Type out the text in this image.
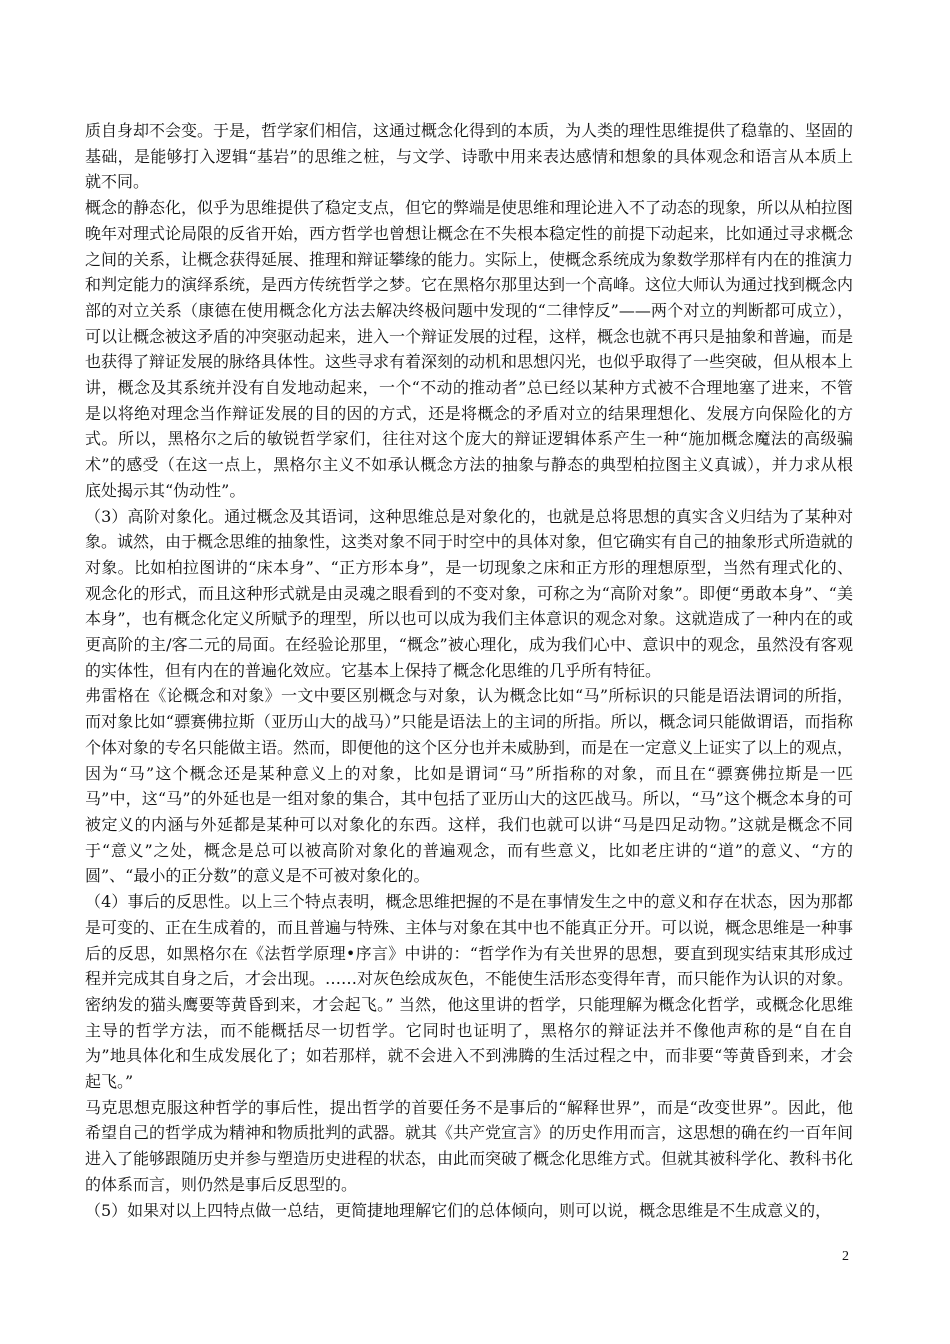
质自身却不会变。于是，哲学家们相信，这通过概念化得到的本质，为人类的理性思维提供了稳靠的、坚固的基础，是能够打入逻辑“基岩”的思维之桩，与文学、诗歌中用来表达感情和想象的具体观念和语言从本质上就不同。

概念的静态化，似乎为思维提供了稳定支点，但它的弊端是使思维和理论进入不了动态的现象，所以从柏拉图晚年对理式论局限的反省开始，西方哲学也曾想让概念在不失根本稳定性的前提下动起来，比如通过寻求概念之间的关系，让概念获得延展、推理和辩证攀缘的能力。实际上，使概念系统成为象数学那样有内在的推演力和判定能力的演绎系统，是西方传统哲学之梦。它在黑格尔那里达到一个高峰。这位大师认为通过找到概念内部的对立关系（康德在使用概念化方法去解决终极问题中发现的“二律悖反”——两个对立的判断都可成立），可以让概念被这矛盾的冲突驱动起来，进入一个辩证发展的过程，这样，概念也就不再只是抽象和普遍，而是也获得了辩证发展的脉络具体性。这些寻求有着深刻的动机和思想闪光，也似乎取得了一些突破，但从根本上讲，概念及其系统并没有自发地动起来，一个“不动的推动者”总已经以某种方式被不合理地塞了进来，不管是以将绝对理念当作辩证发展的目的因的方式，还是将概念的矛盾对立的结果理想化、发展方向保险化的方式。所以，黑格尔之后的敏锐哲学家们，往往对这个庞大的辩证逻辑体系产生一种“施加概念魔法的高级骗术”的感受（在这一点上，黑格尔主义不如承认概念方法的抽象与静态的典型柏拉图主义真诚），并力求从根底处揭示其“伪动性”。

（3）高阶对象化。通过概念及其语词，这种思维总是对象化的，也就是总将思想的真实含义归结为了某种对象。诚然，由于概念思维的抽象性，这类对象不同于时空中的具体对象，但它确实有自己的抽象形式所造就的对象。比如柏拉图讲的“床本身”、“正方形本身”，是一切现象之床和正方形的理想原型，当然有理式化的、观念化的形式，而且这种形式就是由灵魂之眼看到的不变对象，可称之为“高阶对象”。即便“勇敢本身”、“美本身”，也有概念化定义所赋予的理型，所以也可以成为我们主体意识的观念对象。这就造成了一种内在的或更高阶的主/客二元的局面。在经验论那里，“概念”被心理化，成为我们心中、意识中的观念，虽然没有客观的实体性，但有内在的普遍化效应。它基本上保持了概念化思维的几乎所有特征。

弗雷格在《论概念和对象》一文中要区别概念与对象，认为概念比如“马”所标识的只能是语法谓词的所指，而对象比如“骠赛佛拉斯（亚历山大的战马）”只能是语法上的主词的所指。所以，概念词只能做谓语，而指称个体对象的专名只能做主语。然而，即便他的这个区分也并未威胁到，而是在一定意义上证实了以上的观点，因为“马”这个概念还是某种意义上的对象，比如是谓词“马”所指称的对象，而且在“骠赛佛拉斯是一匹马”中，这“马”的外延也是一组对象的集合，其中包括了亚历山大的这匹战马。所以，“马”这个概念本身的可被定义的内涵与外延都是某种可以对象化的东西。这样，我们也就可以讲“马是四足动物。”这就是概念不同于“意义”之处，概念是总可以被高阶对象化的普遍观念，而有些意义，比如老庄讲的“道”的意义、“方的圆”、“最小的正分数”的意义是不可被对象化的。

（4）事后的反思性。以上三个特点表明，概念思维把握的不是在事情发生之中的意义和存在状态，因为那都是可变的、正在生成着的，而且普遍与特殊、主体与对象在其中也不能真正分开。可以说，概念思维是一种事后的反思，如黑格尔在《法哲学原理•序言》中讲的：“哲学作为有关世界的思想，要直到现实结束其形成过程并完成其自身之后，才会出现。……对灰色绘成灰色，不能使生活形态变得年青，而只能作为认识的对象。密纳发的猫头鹰要等黄昏到来，才会起飞。” 当然，他这里讲的哲学，只能理解为概念化哲学，或概念化思维主导的哲学方法，而不能概括尽一切哲学。它同时也证明了，黑格尔的辩证法并不像他声称的是“自在自为”地具体化和生成发展化了；如若那样，就不会进入不到沸腾的生活过程之中，而非要“等黄昏到来，才会起飞。”

马克思想克服这种哲学的事后性，提出哲学的首要任务不是事后的“解释世界”，而是“改变世界”。因此，他希望自己的哲学成为精神和物质批判的武器。就其《共产党宣言》的历史作用而言，这思想的确在约一百年间进入了能够跟随历史并参与塑造历史进程的状态，由此而突破了概念化思维方式。但就其被科学化、教科书化的体系而言，则仍然是事后反思型的。

（5）如果对以上四特点做一总结，更简捷地理解它们的总体倾向，则可以说，概念思维是不生成意义的，

2
